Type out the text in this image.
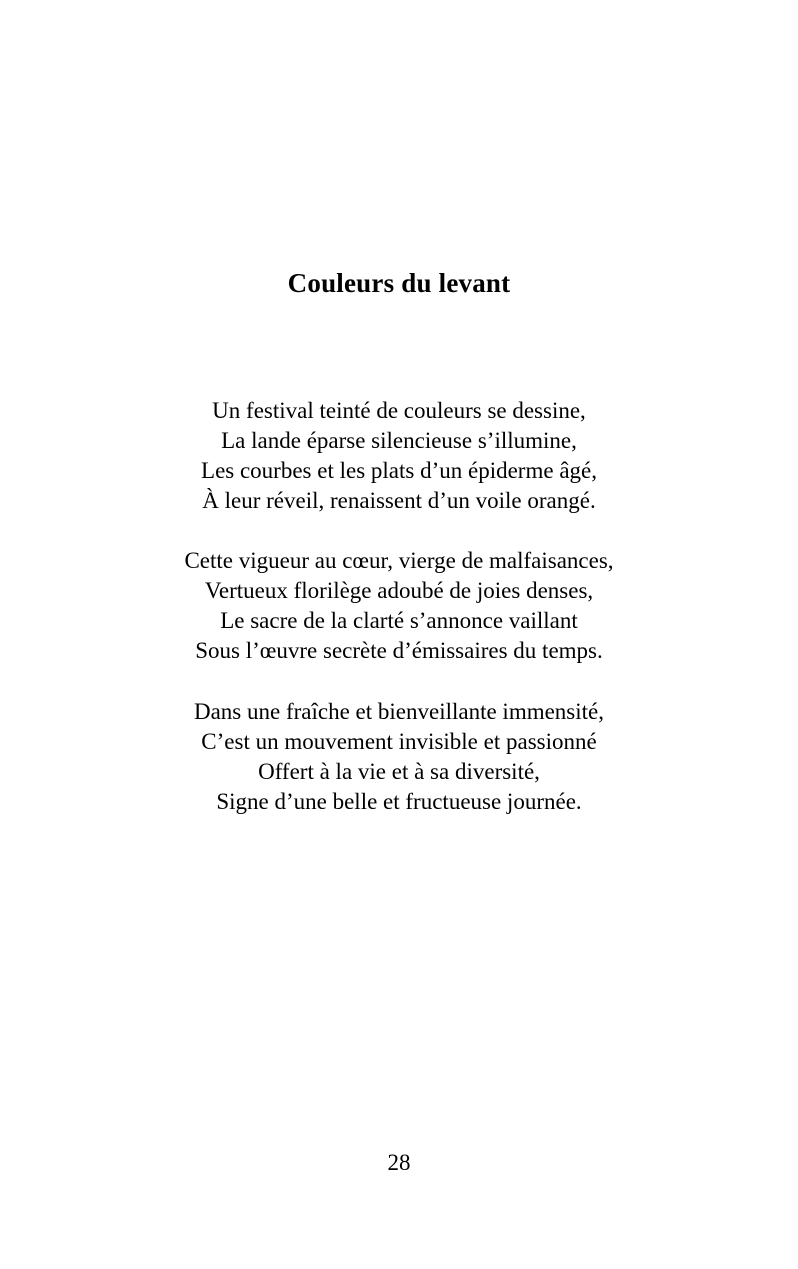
Couleurs du levant
Un festival teinté de couleurs se dessine,
La lande éparse silencieuse s’illumine,
Les courbes et les plats d’un épiderme âgé,
À leur réveil, renaissent d’un voile orangé.
Cette vigueur au cœur, vierge de malfaisances,
Vertueux florilège adoubé de joies denses,
Le sacre de la clarté s’annonce vaillant
Sous l’œuvre secrète d’émissaires du temps.
Dans une fraîche et bienveillante immensité,
C’est un mouvement invisible et passionné
Offert à la vie et à sa diversité,
Signe d’une belle et fructueuse journée.
28
